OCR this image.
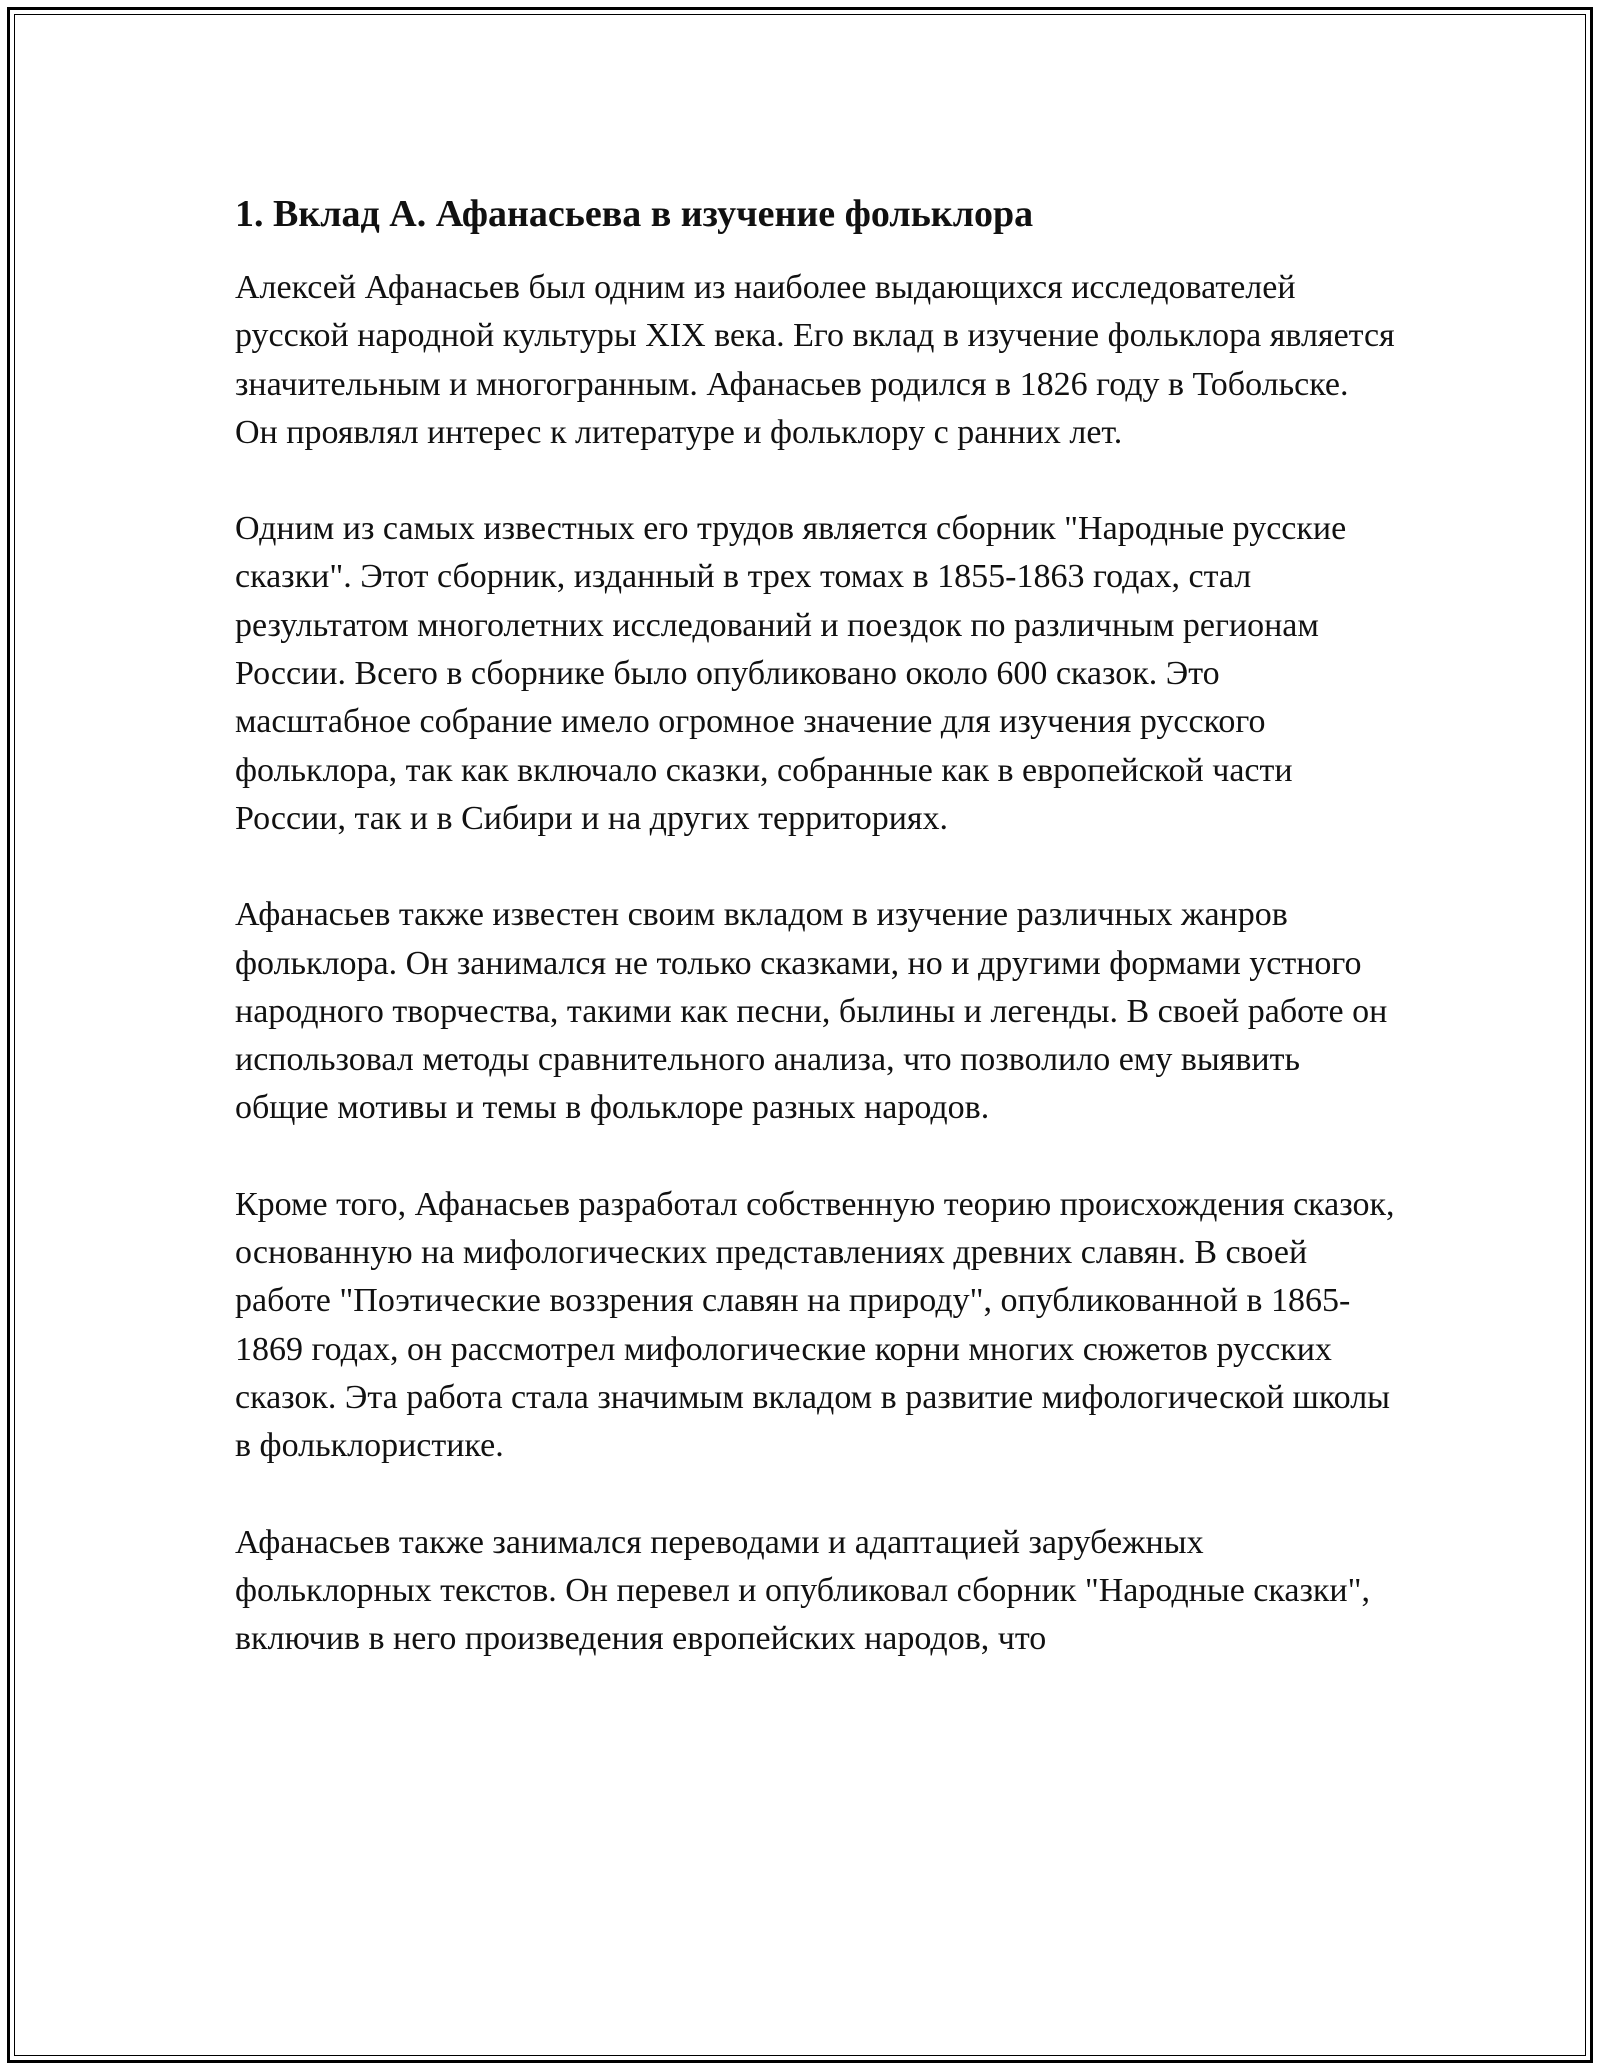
1. Вклад А. Афанасьева в изучение фольклора

Алексей Афанасьев был одним из наиболее выдающихся исследователей русской народной культуры XIX века. Его вклад в изучение фольклора является значительным и многогранным. Афанасьев родился в 1826 году в Тобольске. Он проявлял интерес к литературе и фольклору с ранних лет.

Одним из самых известных его трудов является сборник "Народные русские сказки". Этот сборник, изданный в трех томах в 1855-1863 годах, стал результатом многолетних исследований и поездок по различным регионам России. Всего в сборнике было опубликовано около 600 сказок. Это масштабное собрание имело огромное значение для изучения русского фольклора, так как включало сказки, собранные как в европейской части России, так и в Сибири и на других территориях.

Афанасьев также известен своим вкладом в изучение различных жанров фольклора. Он занимался не только сказками, но и другими формами устного народного творчества, такими как песни, былины и легенды. В своей работе он использовал методы сравнительного анализа, что позволило ему выявить общие мотивы и темы в фольклоре разных народов.

Кроме того, Афанасьев разработал собственную теорию происхождения сказок, основанную на мифологических представлениях древних славян. В своей работе "Поэтические воззрения славян на природу", опубликованной в 1865-1869 годах, он рассмотрел мифологические корни многих сюжетов русских сказок. Эта работа стала значимым вкладом в развитие мифологической школы в фольклористике.

Афанасьев также занимался переводами и адаптацией зарубежных фольклорных текстов. Он перевел и опубликовал сборник "Народные сказки", включив в него произведения европейских народов, что
